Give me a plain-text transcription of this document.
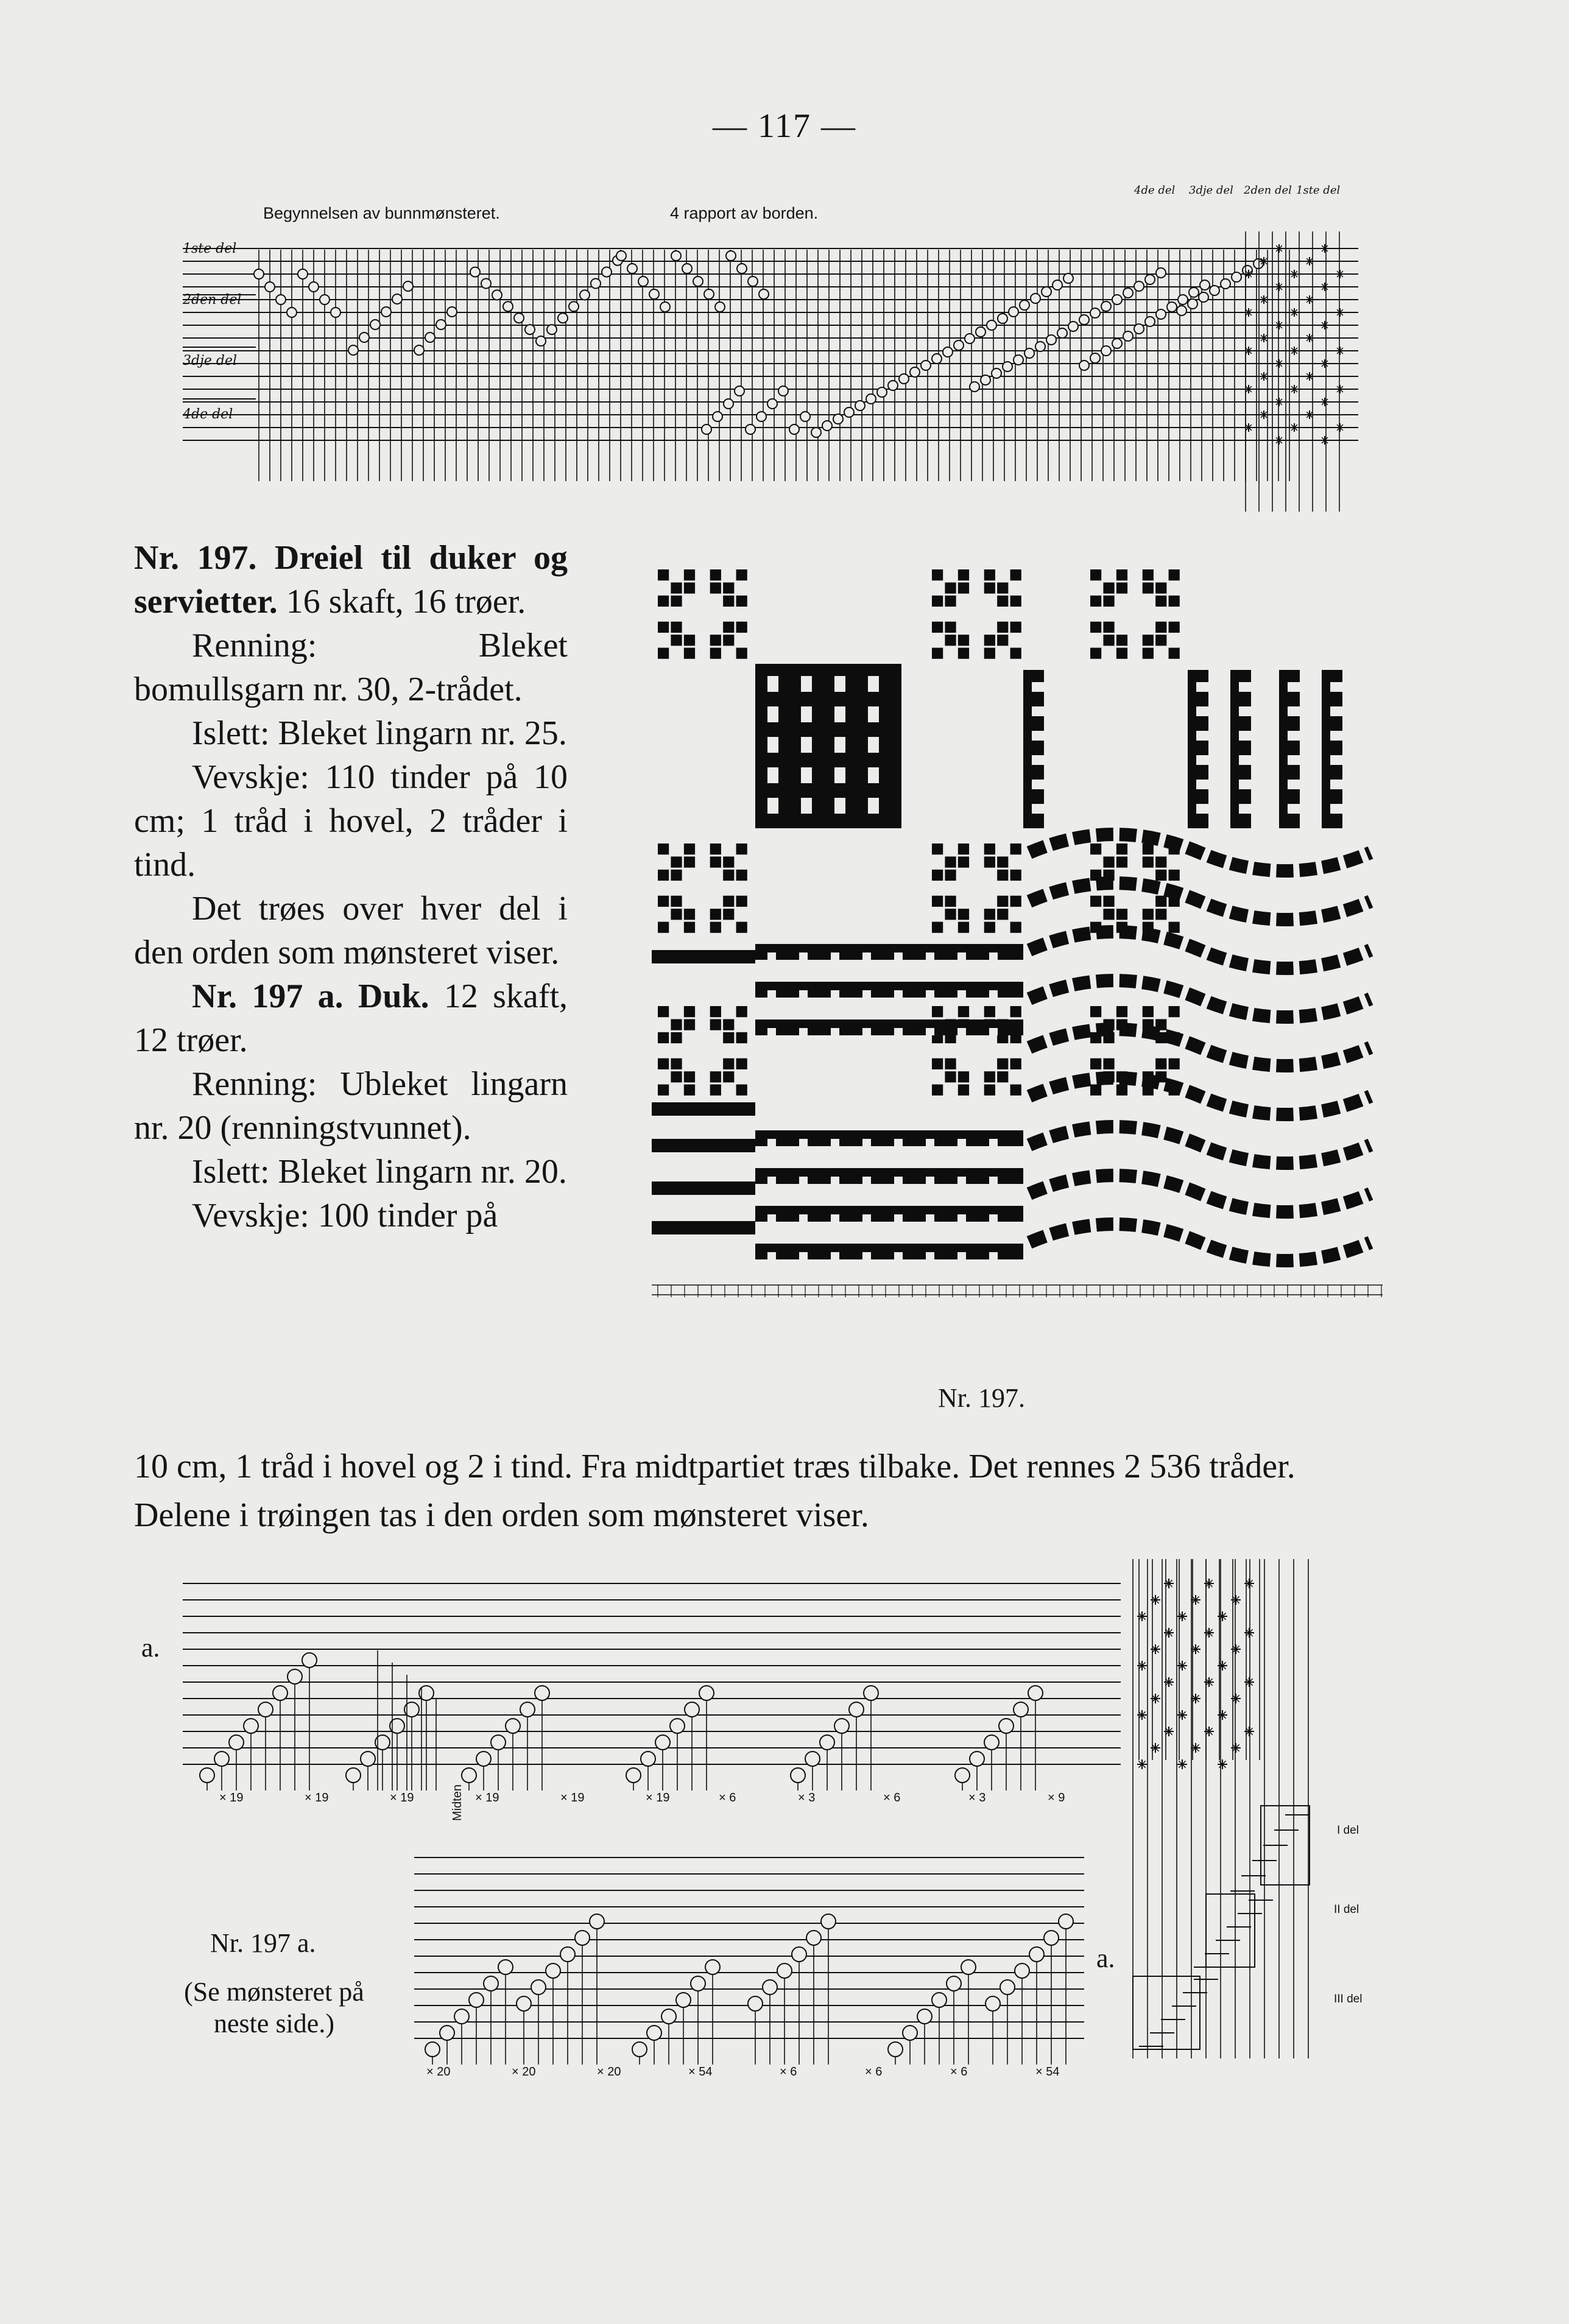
— 117 —
Begynnelsen av bunnmønsteret.	4 rapport av borden.
1ste del
2den del
3dje del
4de del
4de del 3dje del 2den del 1ste del

Nr. 197. Dreiel til duker og servietter. 16 skaft, 16 trøer.

Renning: Bleket bomullsgarn nr. 30, 2-trådet.

Islett: Bleket lingarn nr. 25.

Vevskje: 110 tinder på 10 cm; 1 tråd i hovel, 2 tråder i tind.

Det trøes over hver del i den orden som mønsteret viser.

Nr. 197 a. Duk. 12 skaft, 12 trøer.

Renning: Ubleket lingarn nr. 20 (renningstvunnet).

Islett: Bleket lingarn nr. 20.

Vevskje: 100 tinder på

10 cm, 1 tråd i hovel og 2 i tind. Fra midtpartiet træs tilbake. Det rennes 2 536 tråder. Delene i trøingen tas i den orden som mønsteret viser.

Nr. 197.
a.
× 19	× 19	× 19	× 19	× 19	× 19	× 6	× 3	× 6	× 3	× 9
Midten
× 20	× 20	× 20	× 54	× 6	× 6	× 6	× 54
a.
Nr. 197 a.
(Se mønsteret på neste side.)
I del
II del
III del
